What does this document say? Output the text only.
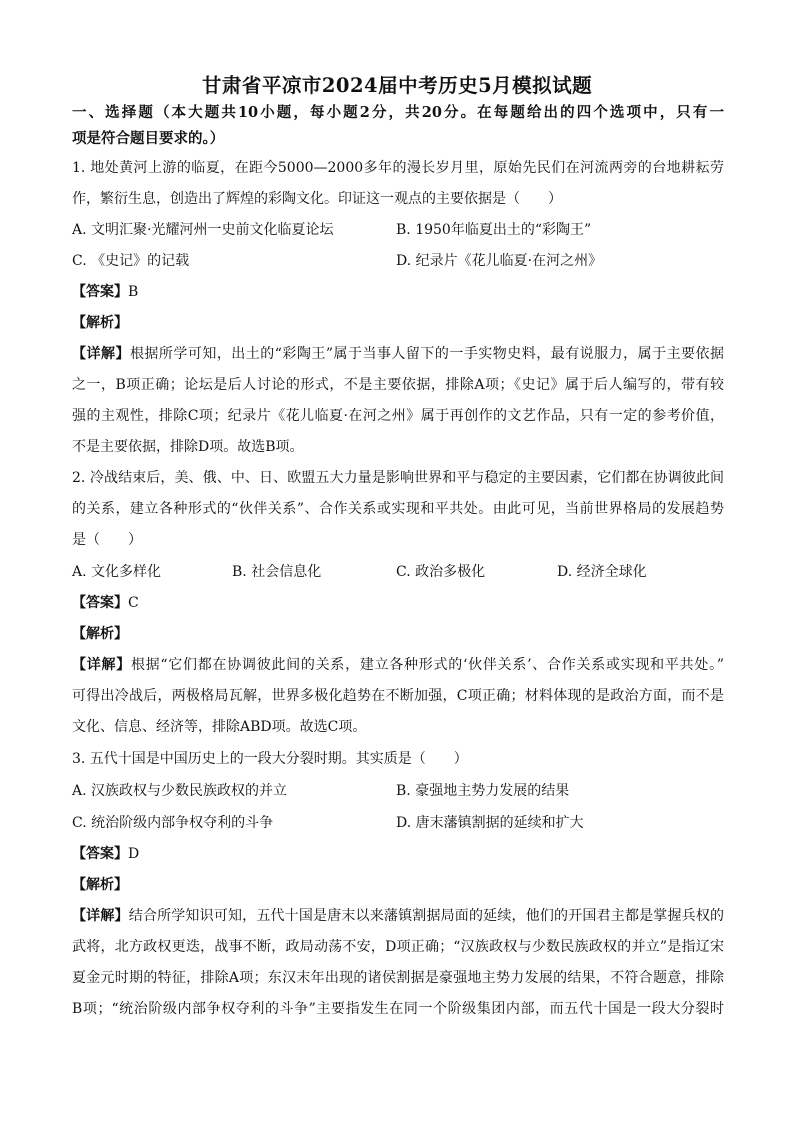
甘肃省平凉市2024届中考历史5月模拟试题
一、选择题（本大题共10小题，每小题2分，共20分。在每题给出的四个选项中，只有一
项是符合题目要求的。）
1. 地处黄河上游的临夏，在距今5000—2000多年的漫长岁月里，原始先民们在河流两旁的台地耕耘劳
作，繁衍生息，创造出了辉煌的彩陶文化。印证这一观点的主要依据是（　　）
A. 文明汇聚·光耀河州一史前文化临夏论坛	B. 1950年临夏出土的“彩陶王”
C. 《史记》的记载	D. 纪录片《花儿临夏·在河之州》
【答案】B
【解析】
【详解】根据所学可知，出土的“彩陶王”属于当事人留下的一手实物史料，最有说服力，属于主要依据
之一，B项正确；论坛是后人讨论的形式，不是主要依据，排除A项；《史记》属于后人编写的，带有较
强的主观性，排除C项；纪录片《花儿临夏·在河之州》属于再创作的文艺作品，只有一定的参考价值，
不是主要依据，排除D项。故选B项。
2. 冷战结束后，美、俄、中、日、欧盟五大力量是影响世界和平与稳定的主要因素，它们都在协调彼此间
的关系，建立各种形式的“伙伴关系”、合作关系或实现和平共处。由此可见，当前世界格局的发展趋势
是（　　）
A. 文化多样化	B. 社会信息化	C. 政治多极化	D. 经济全球化
【答案】C
【解析】
【详解】根据“它们都在协调彼此间的关系，建立各种形式的‘伙伴关系’、合作关系或实现和平共处。”
可得出冷战后，两极格局瓦解，世界多极化趋势在不断加强，C项正确；材料体现的是政治方面，而不是
文化、信息、经济等，排除ABD项。故选C项。
3. 五代十国是中国历史上的一段大分裂时期。其实质是（　　）
A. 汉族政权与少数民族政权的并立	B. 豪强地主势力发展的结果
C. 统治阶级内部争权夺利的斗争	D. 唐末藩镇割据的延续和扩大
【答案】D
【解析】
【详解】结合所学知识可知，五代十国是唐末以来藩镇割据局面的延续，他们的开国君主都是掌握兵权的
武将，北方政权更迭，战事不断，政局动荡不安，D项正确；“汉族政权与少数民族政权的并立”是指辽宋
夏金元时期的特征，排除A项；东汉末年出现的诸侯割据是豪强地主势力发展的结果，不符合题意，排除
B项；“统治阶级内部争权夺利的斗争”主要指发生在同一个阶级集团内部，而五代十国是一段大分裂时
